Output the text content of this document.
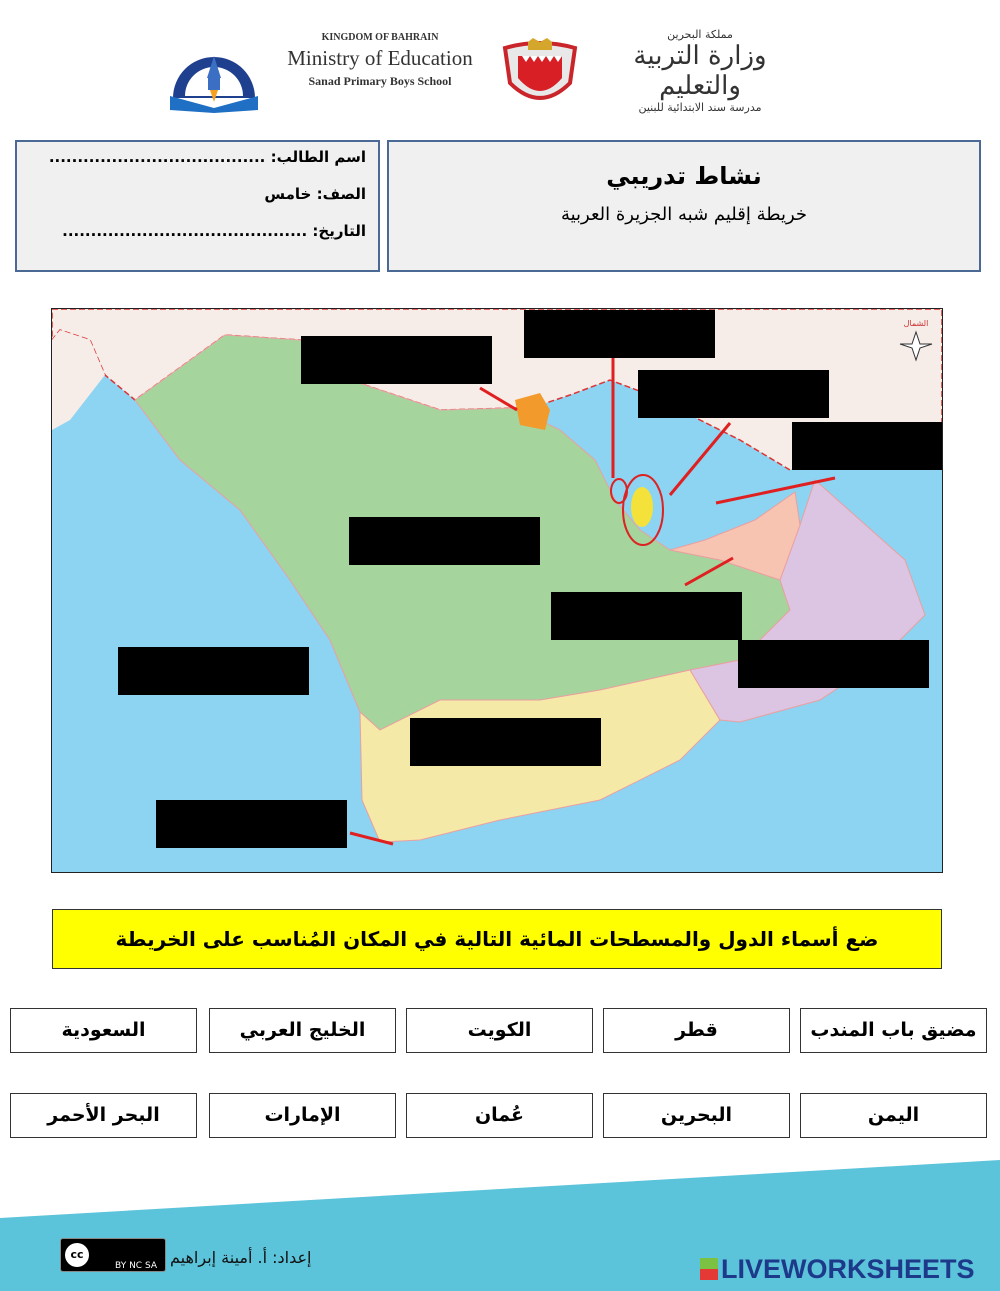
KINGDOM OF BAHRAIN
Ministry of Education
Sanad Primary Boys School
مملكة البحرين
وزارة التربية والتعليم
مدرسة سند الابتدائية للبنين
نشاط تدريبي
خريطة إقليم شبه الجزيرة العربية
اسم الطالب: ......................................
الصف: خامس
التاريخ: ...........................................
الشمال
ضع أسماء الدول والمسطحات المائية التالية في المكان المُناسب على الخريطة
مضيق باب المندب
قطر
الكويت
الخليج العربي
السعودية
اليمن
البحرين
عُمان
الإمارات
البحر الأحمر
BY NC SA
cc	إعداد: أ. أمينة إبراهيم	LIVEWORKSHEETS
